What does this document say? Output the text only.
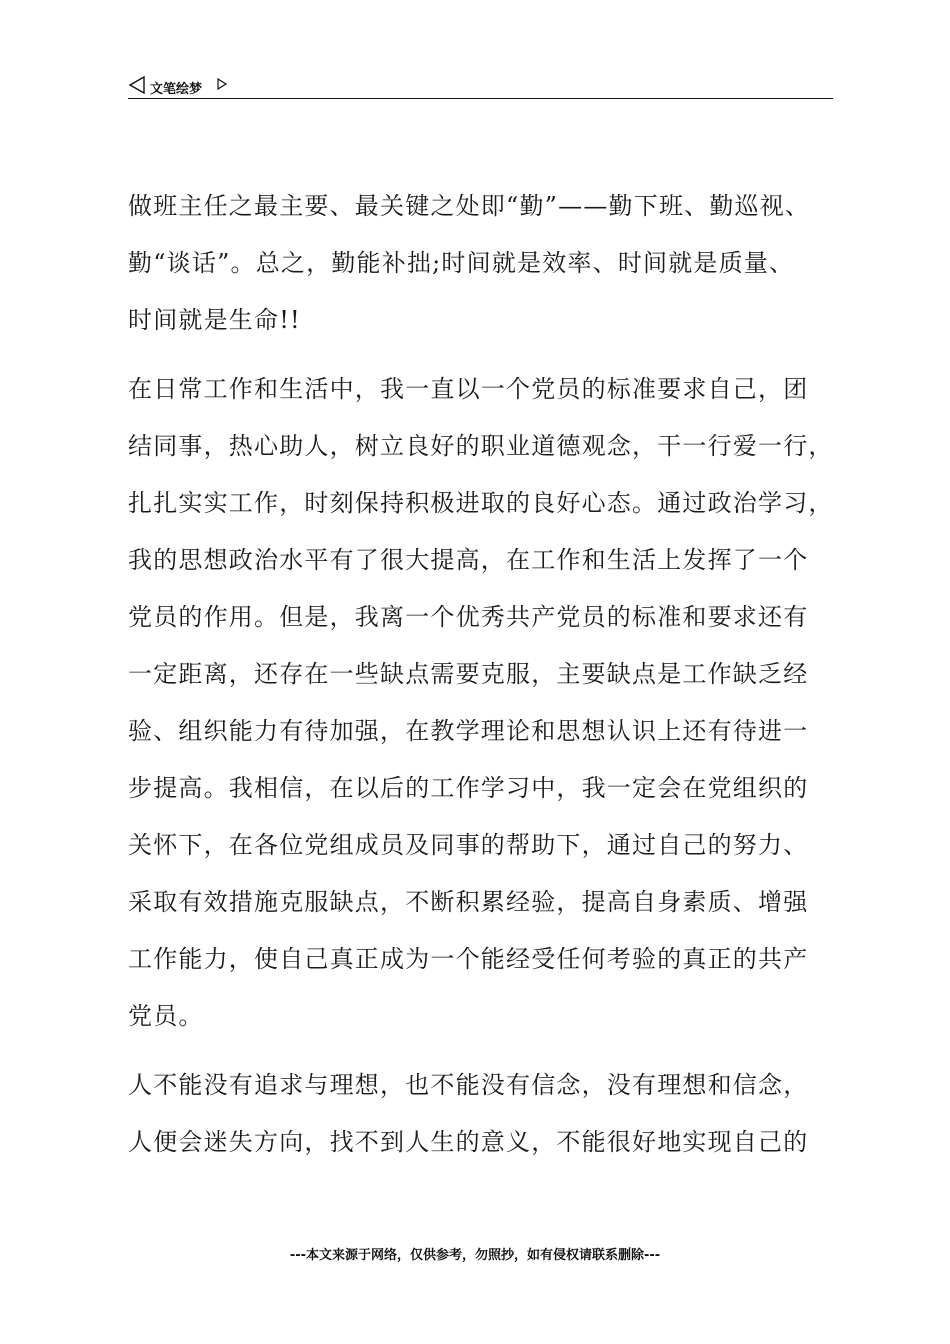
文笔绘梦

做班主任之最主要、最关键之处即“勤”——勤下班、勤巡视、
勤“谈话”。总之，勤能补拙;时间就是效率、时间就是质量、
时间就是生命!!

在日常工作和生活中，我一直以一个党员的标准要求自己，团
结同事，热心助人，树立良好的职业道德观念，干一行爱一行，
扎扎实实工作，时刻保持积极进取的良好心态。通过政治学习，
我的思想政治水平有了很大提高，在工作和生活上发挥了一个
党员的作用。但是，我离一个优秀共产党员的标准和要求还有
一定距离，还存在一些缺点需要克服，主要缺点是工作缺乏经
验、组织能力有待加强，在教学理论和思想认识上还有待进一
步提高。我相信，在以后的工作学习中，我一定会在党组织的
关怀下，在各位党组成员及同事的帮助下，通过自己的努力、
采取有效措施克服缺点，不断积累经验，提高自身素质、增强
工作能力，使自己真正成为一个能经受任何考验的真正的共产
党员。

人不能没有追求与理想，也不能没有信念，没有理想和信念，
人便会迷失方向，找不到人生的意义，不能很好地实现自己的

---本文来源于网络，仅供参考，勿照抄，如有侵权请联系删除---
